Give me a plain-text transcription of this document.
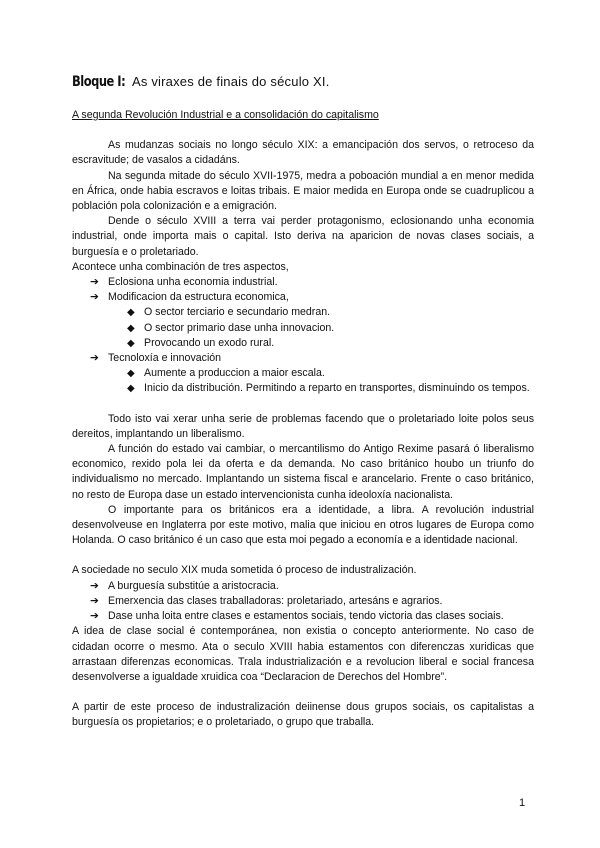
Bloque I: As viraxes de finais do século XI.

A segunda Revolución Industrial e a consolidación do capitalismo

As mudanzas sociais no longo século XIX: a emancipación dos servos, o retroceso da escravitude; de vasalos a cidadáns.

Na segunda mitade do século XVII-1975, medra a poboación mundial a en menor medida en África, onde habia escravos e loitas tribais. E maior medida en Europa onde se cuadruplicou a población pola colonización e a emigración.

Dende o século XVIII a terra vai perder protagonismo, eclosionando unha economia industrial, onde importa mais o capital. Isto deriva na aparicion de novas clases sociais, a burguesía e o proletariado.

Acontece unha combinación de tres aspectos,

➔ Eclosiona unha economia industrial.
➔ Modificacion da estructura economica,
◆ O sector terciario e secundario medran.
◆ O sector primario dase unha innovacion.
◆ Provocando un exodo rural.
➔ Tecnoloxía e innovación
◆ Aumente a produccion a maior escala.
◆ Inicio da distribución. Permitindo a reparto en transportes, disminuindo os tempos.

Todo isto vai xerar unha serie de problemas facendo que o proletariado loite polos seus dereitos, implantando un liberalismo.

A función do estado vai cambiar, o mercantilismo do Antigo Rexime pasará ó liberalismo economico, rexido pola lei da oferta e da demanda. No caso británico houbo un triunfo do individualismo no mercado. Implantando un sistema fiscal e arancelario. Frente o caso británico, no resto de Europa dase un estado intervencionista cunha ideoloxía nacionalista.

O importante para os británicos era a identidade, a libra. A revolución industrial desenvolveuse en Inglaterra por este motivo, malia que iniciou en otros lugares de Europa como Holanda. O caso británico é un caso que esta moi pegado a economía e a identidade nacional.

A sociedade no seculo XIX muda sometida ó proceso de industralización.

➔ A burguesía substitúe a aristocracia.
➔ Emerxencia das clases traballadoras: proletariado, artesáns e agrarios.
➔ Dase unha loita entre clases e estamentos sociais, tendo victoria das clases sociais.

A idea de clase social é contemporánea, non existia o concepto anteriormente. No caso de cidadan ocorre o mesmo. Ata o seculo XVIII habia estamentos con diferenczas xuridicas que arrastaan diferenzas economicas. Trala industrialización e a revolucion liberal e social francesa desenvolverse a igualdade xruidica coa “Declaracion de Derechos del Hombre”.

A partir de este proceso de industralización deiinense dous grupos sociais, os capitalistas a burguesía os propietarios; e o proletariado, o grupo que traballa.

1
